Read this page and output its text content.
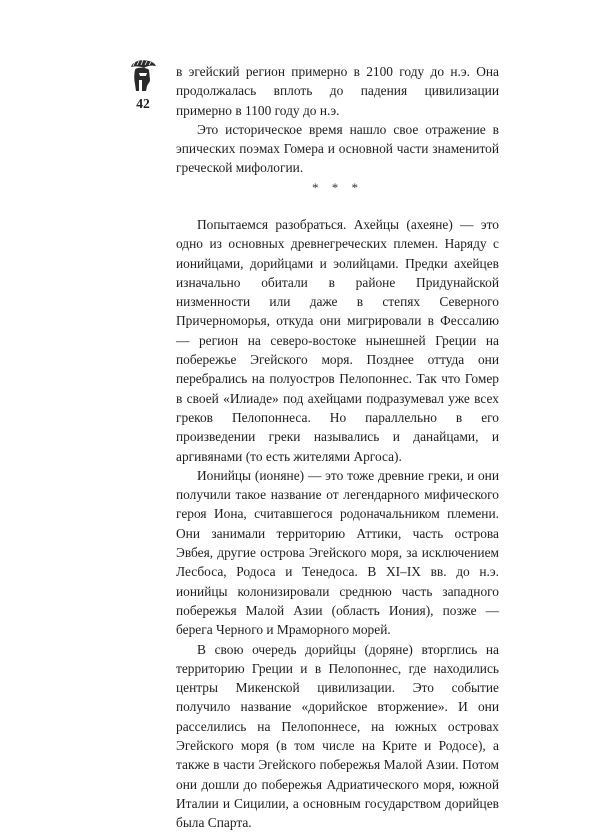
42

в эгейский регион примерно в 2100 году до н.э. Она продолжалась вплоть до падения цивилизации примерно в 1100 году до н.э.

Это историческое время нашло свое отражение в эпических поэмах Гомера и основной части знаменитой греческой мифологии.

* * *

Попытаемся разобраться. Ахейцы (ахеяне) — это одно из основных древнегреческих племен. Наряду с ионийцами, дорийцами и эолийцами. Предки ахейцев изначально обитали в районе Придунайской низменности или даже в степях Северного Причерноморья, откуда они мигрировали в Фессалию — регион на северо-востоке нынешней Греции на побережье Эгейского моря. Позднее оттуда они перебрались на полуостров Пелопоннес. Так что Гомер в своей «Илиаде» под ахейцами подразумевал уже всех греков Пелопоннеса. Но параллельно в его произведении греки назывались и данайцами, и аргивянами (то есть жителями Аргоса).

Ионийцы (ионяне) — это тоже древние греки, и они получили такое название от легендарного мифического героя Иона, считавшегося родоначальником племени. Они занимали территорию Аттики, часть острова Эвбея, другие острова Эгейского моря, за исключением Лесбоса, Родоса и Тенедоса. В XI–IX вв. до н.э. ионийцы колонизировали среднюю часть западного побережья Малой Азии (область Иония), позже — берега Черного и Мраморного морей.

В свою очередь дорийцы (доряне) вторглись на территорию Греции и в Пелопоннес, где находились центры Микенской цивилизации. Это событие получило название «дорийское вторжение». И они расселились на Пелопоннесе, на южных островах Эгейского моря (в том числе на Крите и Родосе), а также в части Эгейского побережья Малой Азии. Потом они дошли до побережья Адриатического моря, южной Италии и Сицилии, а основным государством дорийцев была Спарта.
